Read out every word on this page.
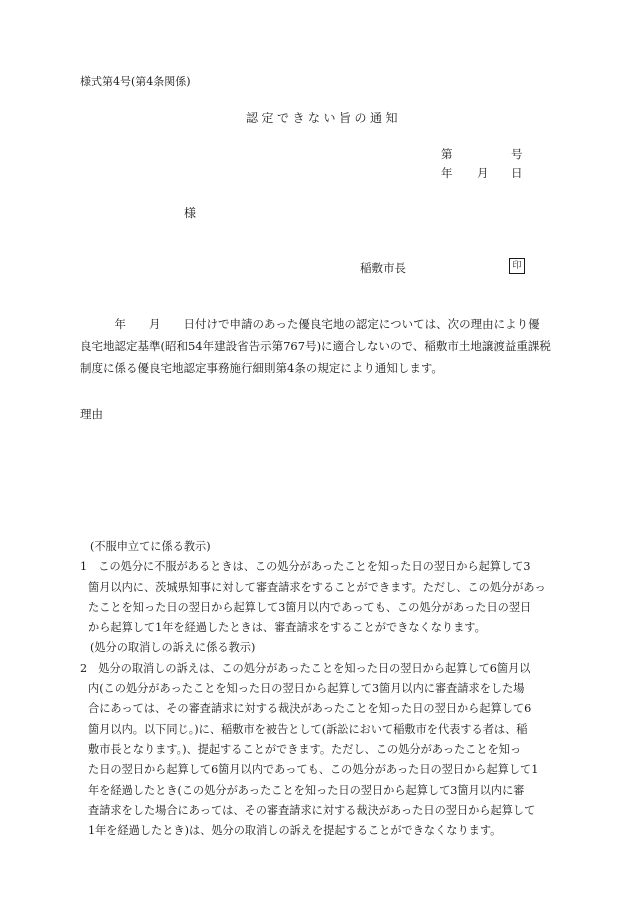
様式第4号(第4条関係)
認定できない旨の通知
第	号
年 月 日
様
稲敷市長	印
　　　年　　月　　日付けで申請のあった優良宅地の認定については、次の理由により優
良宅地認定基準(昭和54年建設省告示第767号)に適合しないので、稲敷市土地譲渡益重課税
制度に係る優良宅地認定事務施行細則第4条の規定により通知します。
理由
(不服申立てに係る教示)
1　この処分に不服があるときは、この処分があったことを知った日の翌日から起算して3
箇月以内に、茨城県知事に対して審査請求をすることができます。ただし、この処分があっ
たことを知った日の翌日から起算して3箇月以内であっても、この処分があった日の翌日
から起算して1年を経過したときは、審査請求をすることができなくなります。
(処分の取消しの訴えに係る教示)
2　処分の取消しの訴えは、この処分があったことを知った日の翌日から起算して6箇月以
内(この処分があったことを知った日の翌日から起算して3箇月以内に審査請求をした場
合にあっては、その審査請求に対する裁決があったことを知った日の翌日から起算して6
箇月以内。以下同じ。)に、稲敷市を被告として(訴訟において稲敷市を代表する者は、稲
敷市長となります。)、提起することができます。ただし、この処分があったことを知っ
た日の翌日から起算して6箇月以内であっても、この処分があった日の翌日から起算して1
年を経過したとき(この処分があったことを知った日の翌日から起算して3箇月以内に審
査請求をした場合にあっては、その審査請求に対する裁決があった日の翌日から起算して
1年を経過したとき)は、処分の取消しの訴えを提起することができなくなります。
